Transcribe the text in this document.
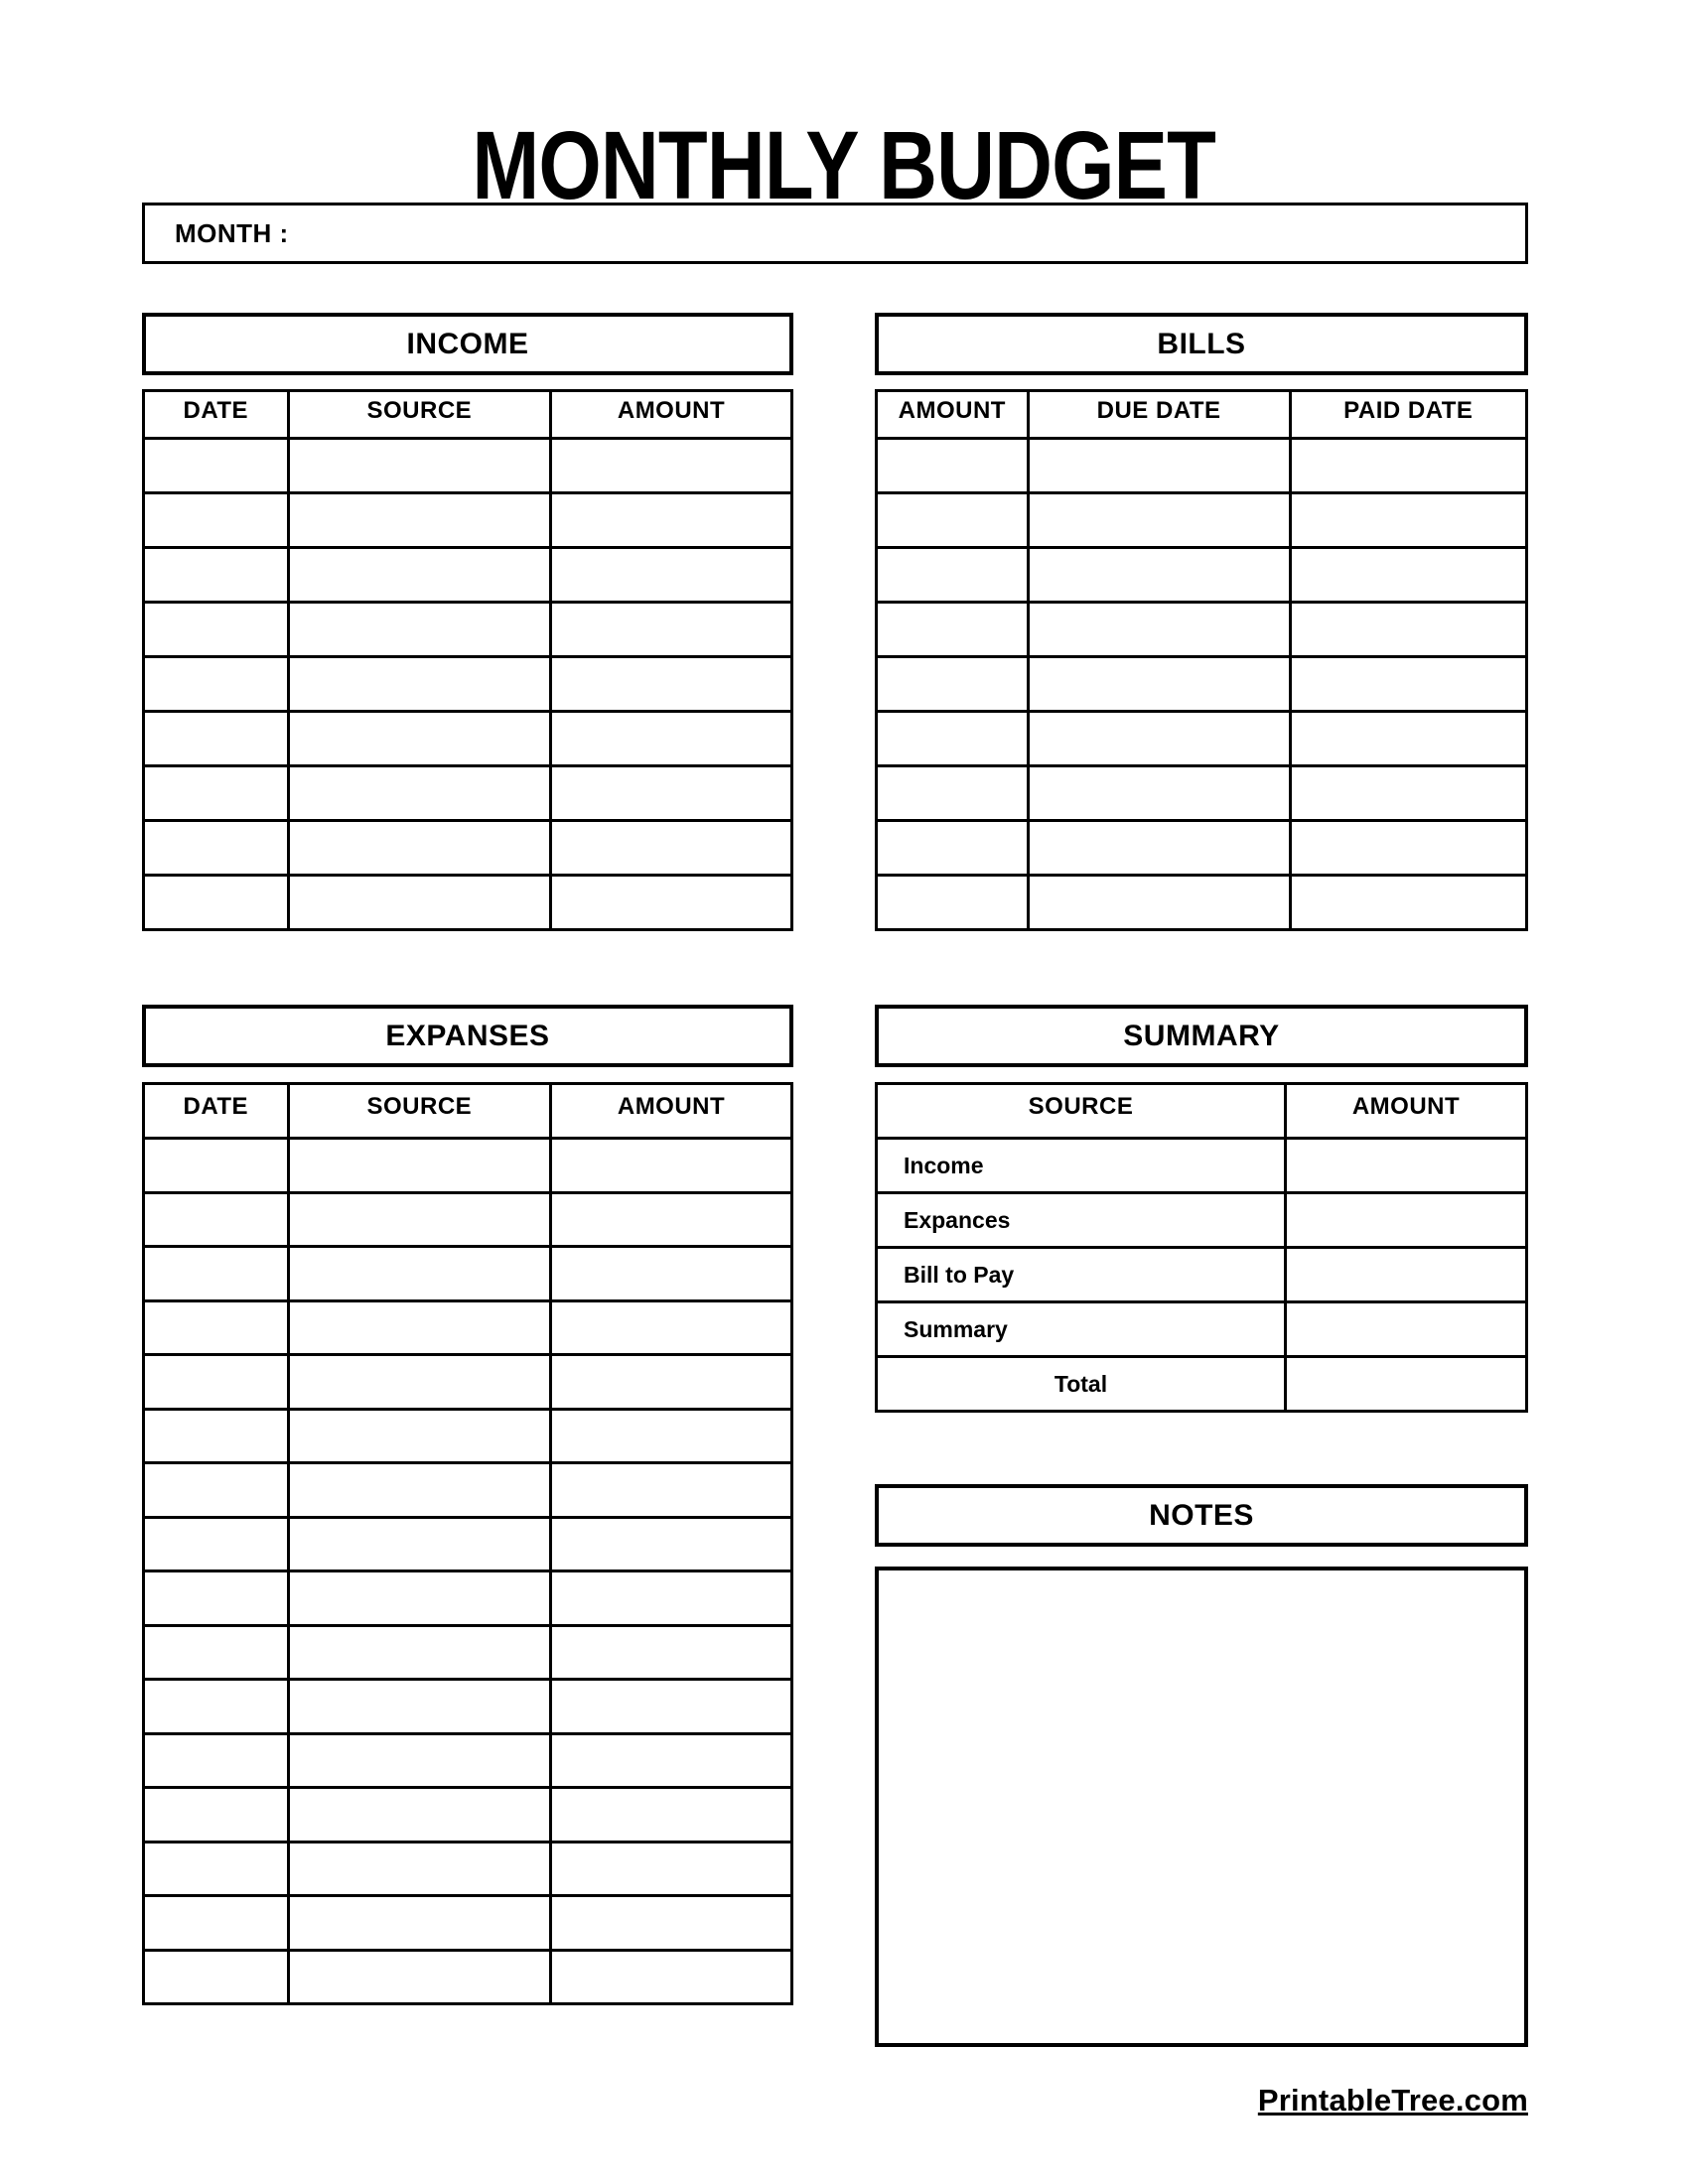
MONTHLY BUDGET
MONTH :
INCOME	BILLS
DATE	SOURCE	AMOUNT

			AMOUNT	DUE DATE	PAID DATE

EXPANSES	SUMMARY
DATE	SOURCE	AMOUNT

			SOURCE	AMOUNT
Income	
Expances	
Bill to Pay	
Summary	
Total	
NOTES
PrintableTree.com
